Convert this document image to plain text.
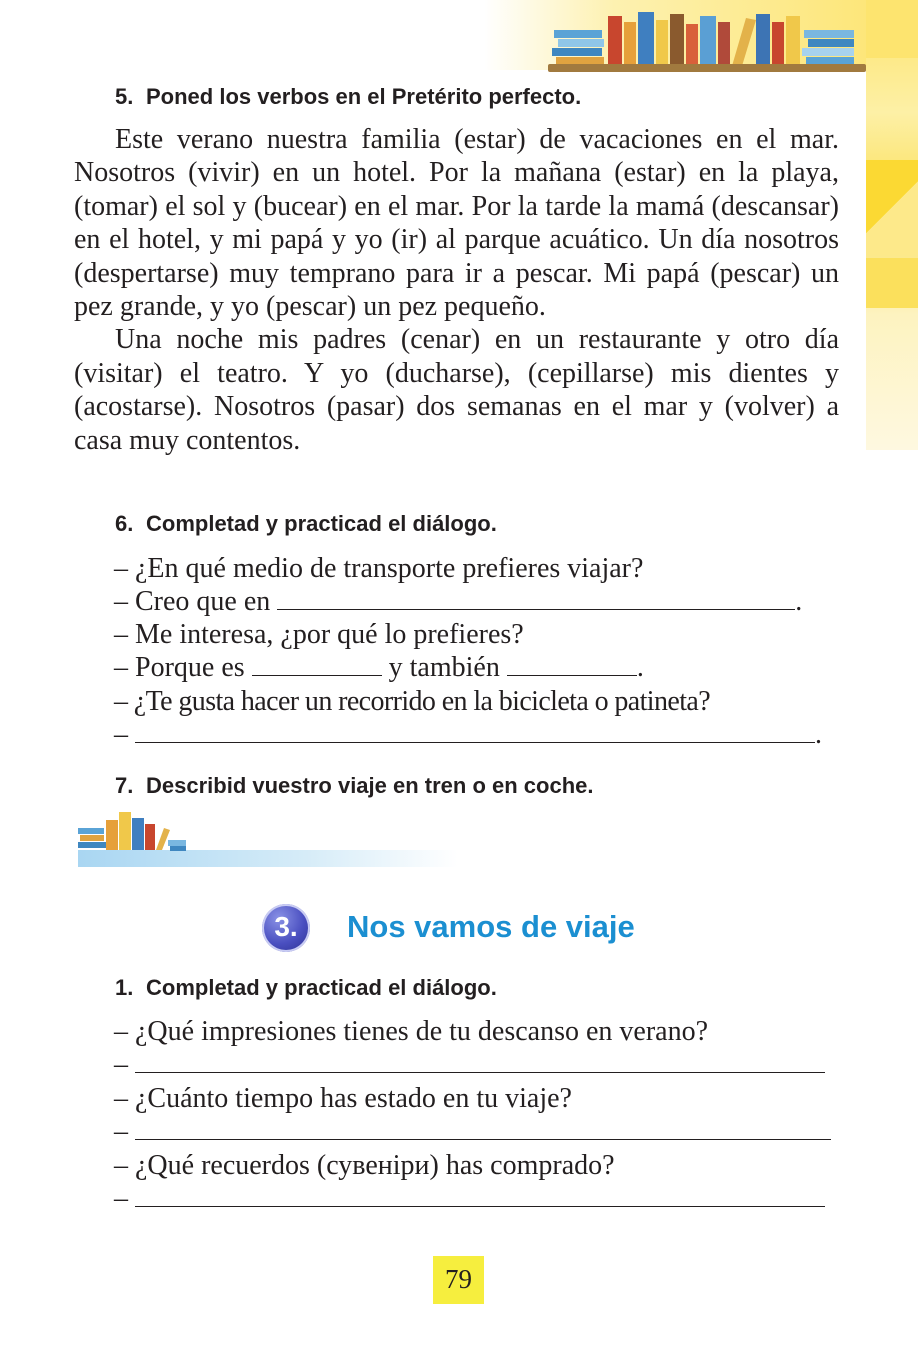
5. Poned los verbos en el Pretérito perfecto.

Este verano nuestra familia (estar) de vacaciones en el mar. Nosotros (vivir) en un hotel. Por la mañana (estar) en la playa, (tomar) el sol y (bucear) en el mar. Por la tarde la mamá (descansar) en el hotel, y mi papá y yo (ir) al parque acuático. Un día nosotros (despertarse) muy temprano para ir a pescar. Mi papá (pescar) un pez grande, y yo (pescar) un pez pequeño.

Una noche mis padres (cenar) en un restaurante y otro día (visitar) el teatro. Y yo (ducharse), (cepillarse) mis dientes y (acostarse). Nosotros (pasar) dos semanas en el mar y (volver) a casa muy contentos.

6. Completad y practicad el diálogo.
– ¿En qué medio de transporte prefieres viajar?
– Creo que en	.
– Me interesa, ¿por qué lo prefieres?
– Porque es	y también	.
– ¿Te gusta hacer un recorrido en la bicicleta o patineta?
–	.
7. Describid vuestro viaje en tren o en coche.
3.	Nos vamos de viaje
1. Completad y practicad el diálogo.
– ¿Qué impresiones tienes de tu descanso en verano?
–
– ¿Cuánto tiempo has estado en tu viaje?
–
– ¿Qué recuerdos (сувеніри) has comprado?
–
79
